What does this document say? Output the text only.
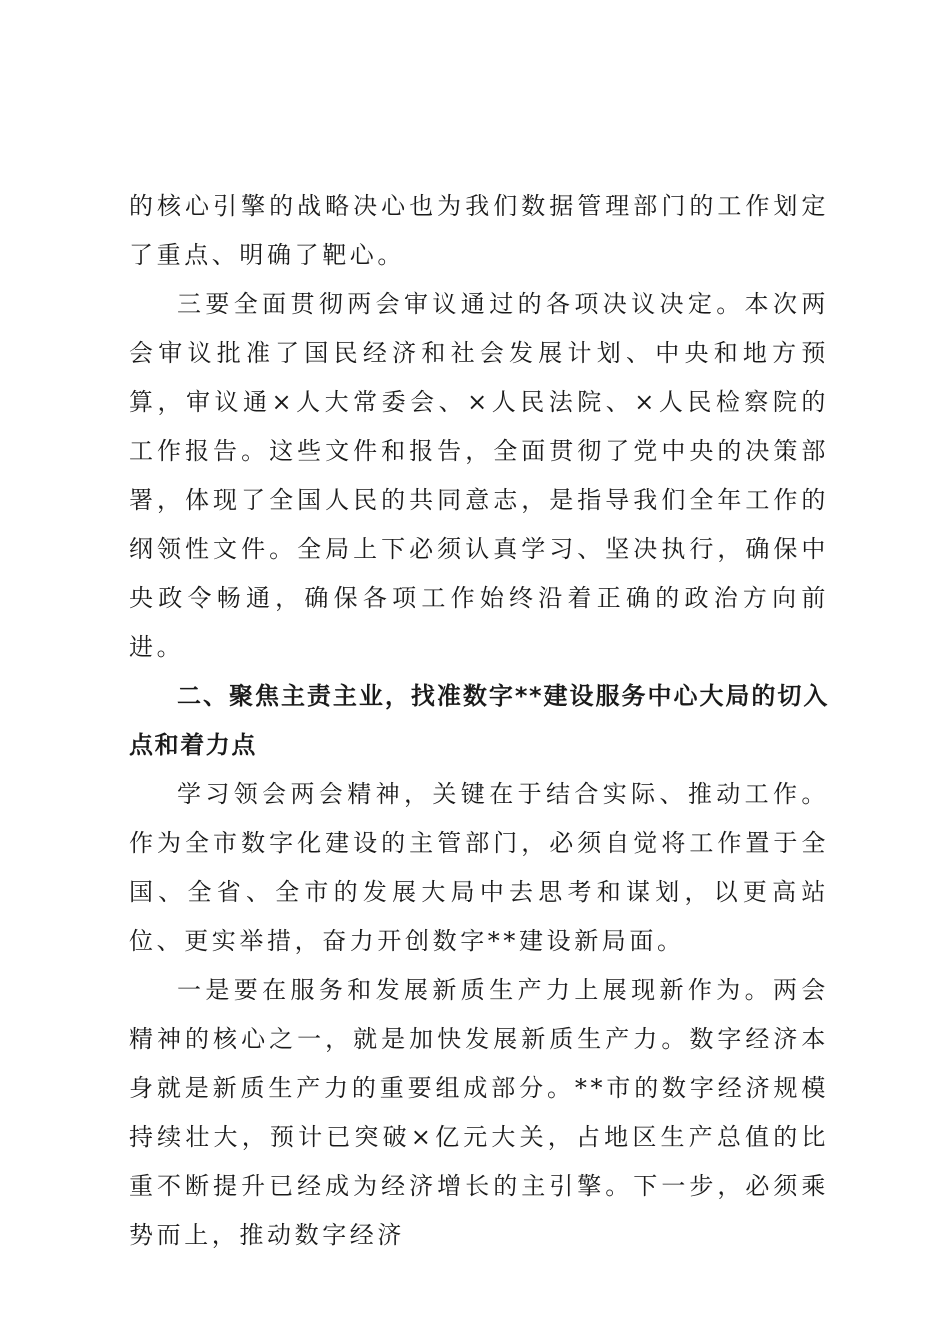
的核心引擎的战略决心也为我们数据管理部门的工作划定了重点、明确了靶心。

三要全面贯彻两会审议通过的各项决议决定。本次两会审议批准了国民经济和社会发展计划、中央和地方预算，审议通×人大常委会、×人民法院、×人民检察院的工作报告。这些文件和报告，全面贯彻了党中央的决策部署，体现了全国人民的共同意志，是指导我们全年工作的纲领性文件。全局上下必须认真学习、坚决执行，确保中央政令畅通，确保各项工作始终沿着正确的政治方向前进。

二、聚焦主责主业，找准数字**建设服务中心大局的切入点和着力点

学习领会两会精神，关键在于结合实际、推动工作。作为全市数字化建设的主管部门，必须自觉将工作置于全国、全省、全市的发展大局中去思考和谋划，以更高站位、更实举措，奋力开创数字**建设新局面。

一是要在服务和发展新质生产力上展现新作为。两会精神的核心之一，就是加快发展新质生产力。数字经济本身就是新质生产力的重要组成部分。**市的数字经济规模持续壮大，预计已突破×亿元大关，占地区生产总值的比重不断提升已经成为经济增长的主引擎。下一步，必须乘势而上，推动数字经济
